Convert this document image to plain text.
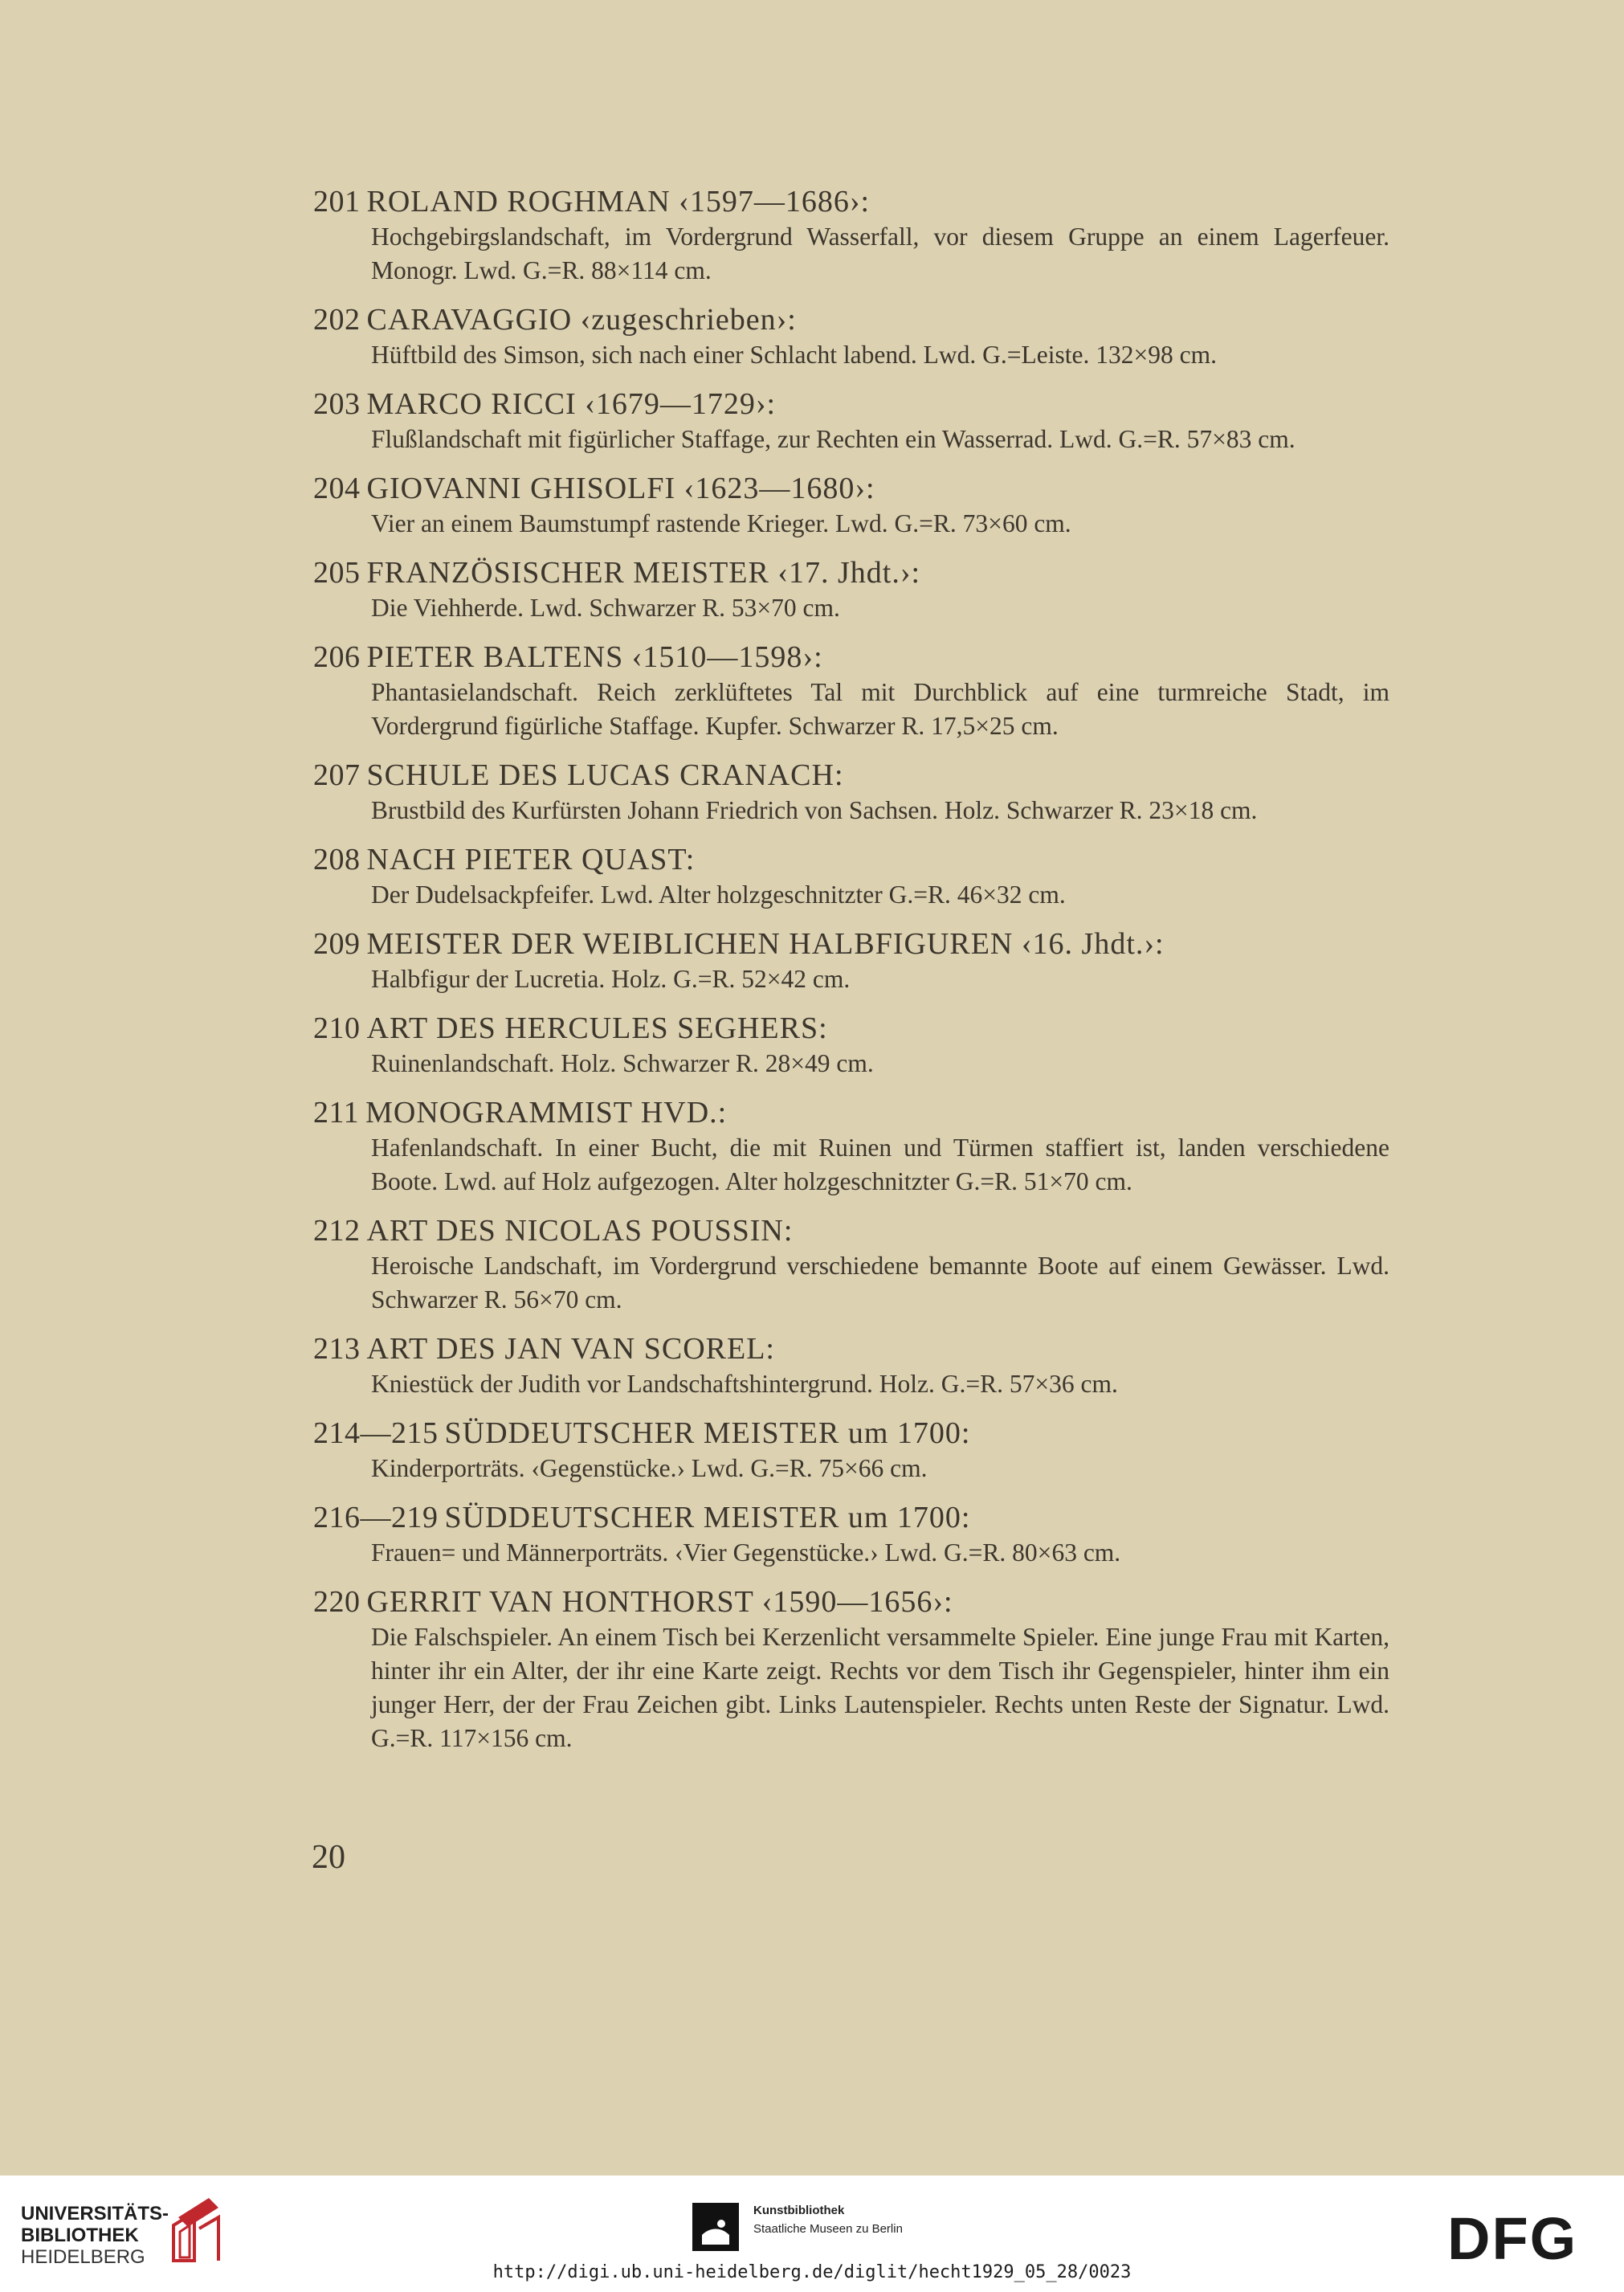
201 ROLAND ROGHMAN ‹1597—1686›:
Hochgebirgslandschaft, im Vordergrund Wasserfall, vor diesem Gruppe an einem Lagerfeuer. Monogr. Lwd. G.=R. 88×114 cm.
202 CARAVAGGIO ‹zugeschrieben›:
Hüftbild des Simson, sich nach einer Schlacht labend. Lwd. G.=Leiste. 132×98 cm.
203 MARCO RICCI ‹1679—1729›:
Flußlandschaft mit figürlicher Staffage, zur Rechten ein Wasserrad. Lwd. G.=R. 57×83 cm.
204 GIOVANNI GHISOLFI ‹1623—1680›:
Vier an einem Baumstumpf rastende Krieger. Lwd. G.=R. 73×60 cm.
205 FRANZÖSISCHER MEISTER ‹17. Jhdt.›:
Die Viehherde. Lwd. Schwarzer R. 53×70 cm.
206 PIETER BALTENS ‹1510—1598›:
Phantasielandschaft. Reich zerklüftetes Tal mit Durchblick auf eine turmreiche Stadt, im Vordergrund figürliche Staffage. Kupfer. Schwarzer R. 17,5×25 cm.
207 SCHULE DES LUCAS CRANACH:
Brustbild des Kurfürsten Johann Friedrich von Sachsen. Holz. Schwarzer R. 23×18 cm.
208 NACH PIETER QUAST:
Der Dudelsackpfeifer. Lwd. Alter holzgeschnitzter G.=R. 46×32 cm.
209 MEISTER DER WEIBLICHEN HALBFIGUREN ‹16. Jhdt.›:
Halbfigur der Lucretia. Holz. G.=R. 52×42 cm.
210 ART DES HERCULES SEGHERS:
Ruinenlandschaft. Holz. Schwarzer R. 28×49 cm.
211 MONOGRAMMIST HVD.:
Hafenlandschaft. In einer Bucht, die mit Ruinen und Türmen staffiert ist, landen verschiedene Boote. Lwd. auf Holz aufgezogen. Alter holzgeschnitzter G.=R. 51×70 cm.
212 ART DES NICOLAS POUSSIN:
Heroische Landschaft, im Vordergrund verschiedene bemannte Boote auf einem Gewässer. Lwd. Schwarzer R. 56×70 cm.
213 ART DES JAN VAN SCOREL:
Kniestück der Judith vor Landschaftshintergrund. Holz. G.=R. 57×36 cm.
214—215 SÜDDEUTSCHER MEISTER um 1700:
Kinderporträts. ‹Gegenstücke.› Lwd. G.=R. 75×66 cm.
216—219 SÜDDEUTSCHER MEISTER um 1700:
Frauen= und Männerporträts. ‹Vier Gegenstücke.› Lwd. G.=R. 80×63 cm.
220 GERRIT VAN HONTHORST ‹1590—1656›:
Die Falschspieler. An einem Tisch bei Kerzenlicht versammelte Spieler. Eine junge Frau mit Karten, hinter ihr ein Alter, der ihr eine Karte zeigt. Rechts vor dem Tisch ihr Gegenspieler, hinter ihm ein junger Herr, der der Frau Zeichen gibt. Links Lautenspieler. Rechts unten Reste der Signatur. Lwd. G.=R. 117×156 cm.
20
UNIVERSITÄTS-
BIBLIOTHEK
HEIDELBERG
Kunstbibliothek
Staatliche Museen zu Berlin	DFG
http://digi.ub.uni-heidelberg.de/diglit/hecht1929_05_28/0023
